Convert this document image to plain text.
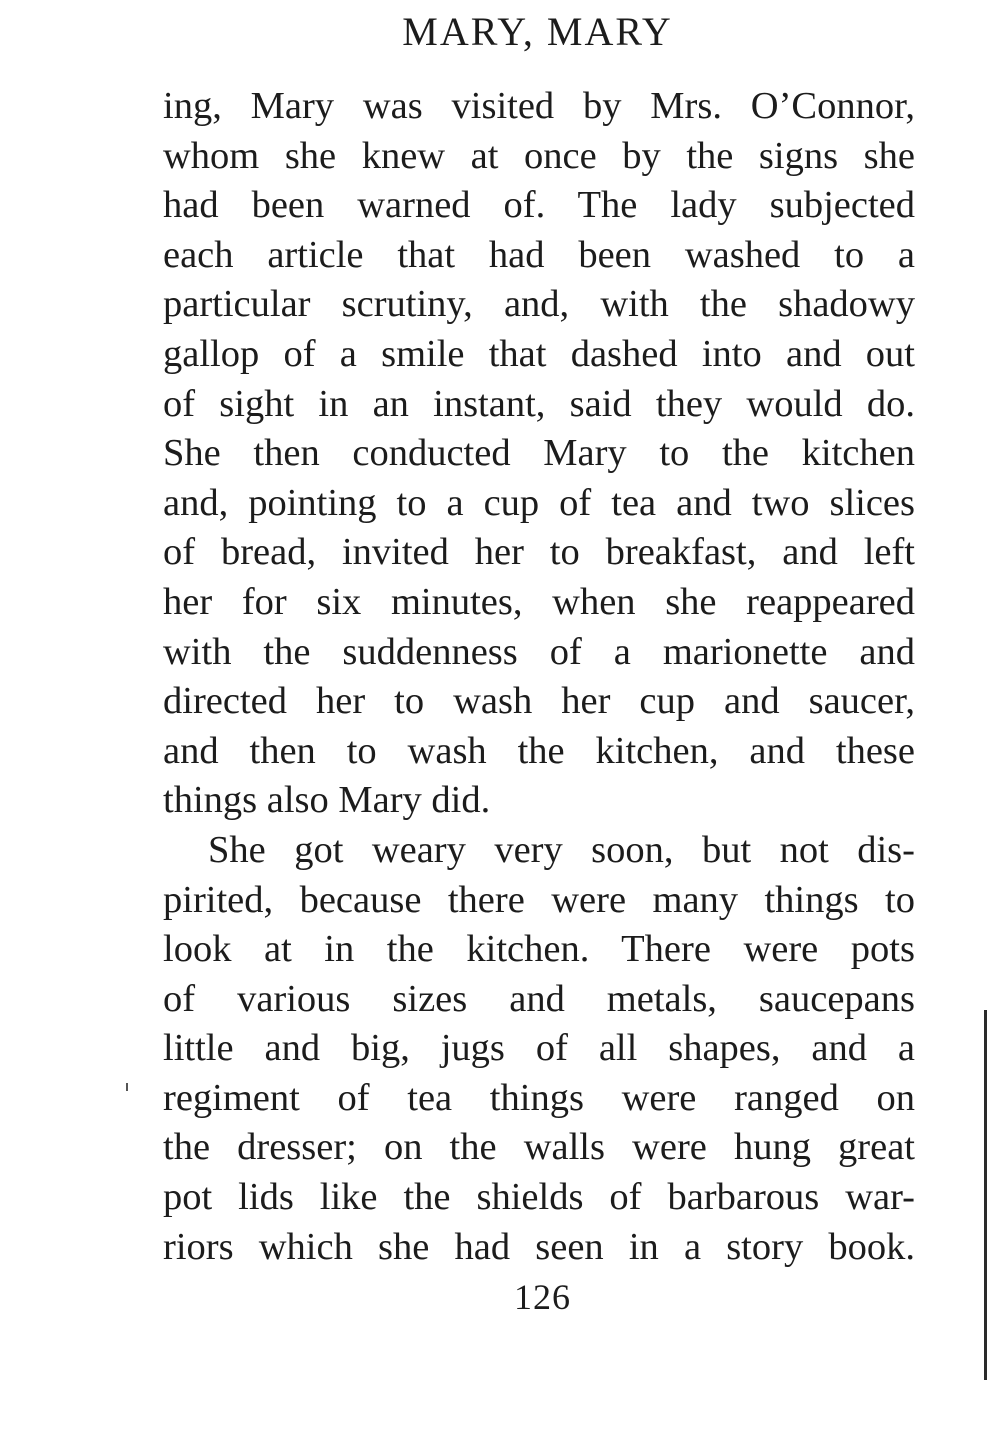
MARY, MARY
ing, Mary was visited by Mrs. O’Connor,
whom she knew at once by the signs she
had been warned of. The lady subjected
each article that had been washed to a
particular scrutiny, and, with the shadowy
gallop of a smile that dashed into and out
of sight in an instant, said they would do.
She then conducted Mary to the kitchen
and, pointing to a cup of tea and two slices
of bread, invited her to breakfast, and left
her for six minutes, when she reappeared
with the suddenness of a marionette and
directed her to wash her cup and saucer,
and then to wash the kitchen, and these
things also Mary did.
She got weary very soon, but not dis-
pirited, because there were many things to
look at in the kitchen. There were pots
of various sizes and metals, saucepans
little and big, jugs of all shapes, and a
regiment of tea things were ranged on
the dresser; on the walls were hung great
pot lids like the shields of barbarous war-
riors which she had seen in a story book.
126
